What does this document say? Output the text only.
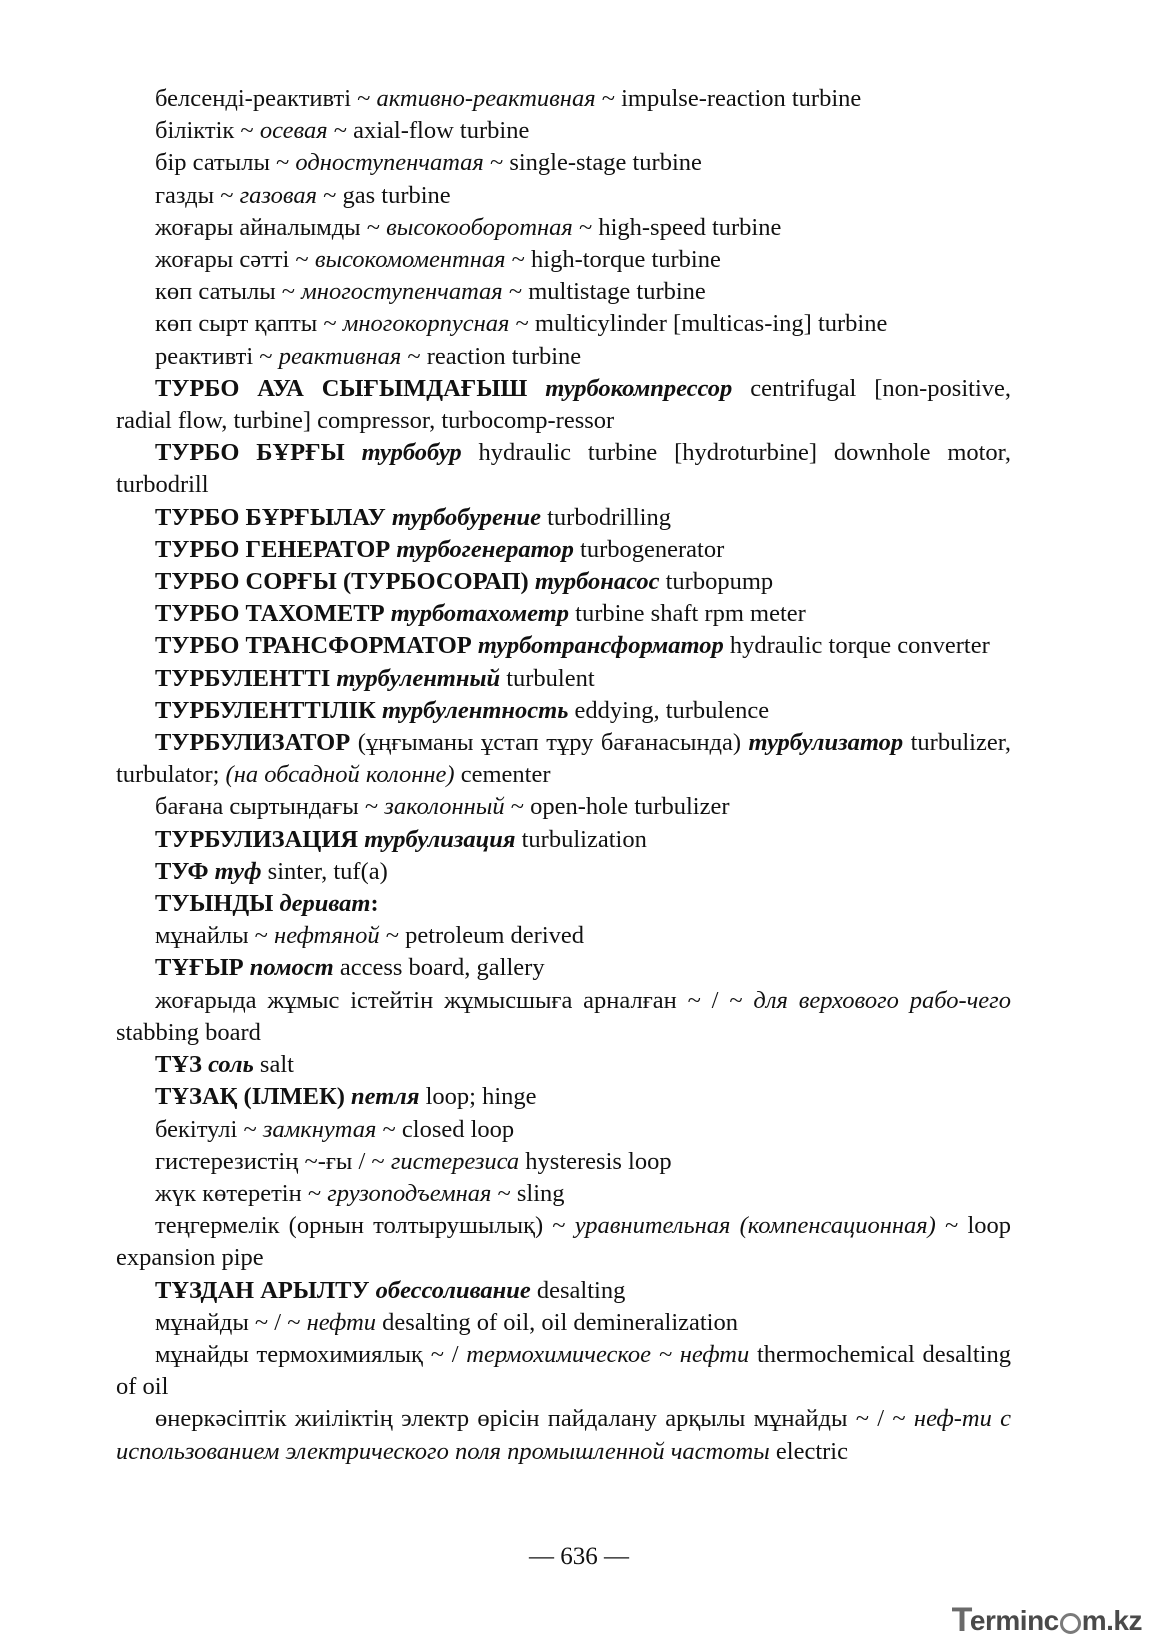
белсенді-реактивті ~ активно-реактивная ~ impulse-reaction turbine

біліктік ~ осевая ~ axial-flow turbine

бір сатылы ~ одноступенчатая ~ single-stage turbine

газды ~ газовая ~ gas turbine

жоғары айналымды ~ высокооборотная ~ high-speed turbine

жоғары сәтті ~ высокомоментная ~ high-torque turbine

көп сатылы ~ многоступенчатая ~ multistage turbine

көп сырт қапты ~ многокорпусная ~ multicylinder [multicas-ing] turbine

реактивті ~ реактивная ~ reaction turbine

ТУРБО АУА СЫҒЫМДАҒЫШ турбокомпрессор centrifugal [non-positive, radial flow, turbine] compressor, turbocomp-ressor

ТУРБО БҰРҒЫ турбобур hydraulic turbine [hydroturbine] downhole motor, turbodrill

ТУРБО БҰРҒЫЛАУ турбобурение turbodrilling

ТУРБО ГЕНЕРАТОР турбогенератор turbogenerator

ТУРБО СОРҒЫ (ТУРБОСОРАП) турбонасос turbopump

ТУРБО ТАХОМЕТР турботахометр turbine shaft rpm meter

ТУРБО ТРАНСФОРМАТОР турботрансформатор hydraulic torque converter

ТУРБУЛЕНТТІ турбулентный turbulent

ТУРБУЛЕНТТІЛІК турбулентность eddying, turbulence

ТУРБУЛИЗАТОР (ұңғыманы ұстап тұру бағанасында) турбулизатор turbulizer, turbulator; (на обсадной колонне) cementer

бағана сыртындағы ~ заколонный ~ open-hole turbulizer

ТУРБУЛИЗАЦИЯ турбулизация turbulization

ТУФ туф sinter, tuf(a)

ТУЫНДЫ дериват:

мұнайлы ~ нефтяной ~ petroleum derived

ТҰҒЫР помост access board, gallery

жоғарыда жұмыс істейтін жұмысшыға арналған ~ / ~ для верхового рабо-чего stabbing board

ТҰЗ соль salt

ТҰЗАҚ (ІЛМЕК) петля loop; hinge

бекітулі ~ замкнутая ~ closed loop

гистерезистің ~-ғы / ~ гистерезиса hysteresis loop

жүк көтеретін ~ грузоподъемная ~ sling

теңгермелік (орнын толтырушылық) ~ уравнительная (компенсационная) ~ loop expansion pipe

ТҰЗДАН АРЫЛТУ обессоливание desalting

мұнайды ~ / ~ нефти desalting of oil, oil demineralization

мұнайды термохимиялық ~ / термохимическое ~ нефти thermochemical desalting of oil

өнеркәсіптік жиіліктің электр өрісін пайдалану арқылы мұнайды ~ / ~ неф-ти с использованием электрического поля промышленной частоты electric

— 636 —
T
erminc m.kz
